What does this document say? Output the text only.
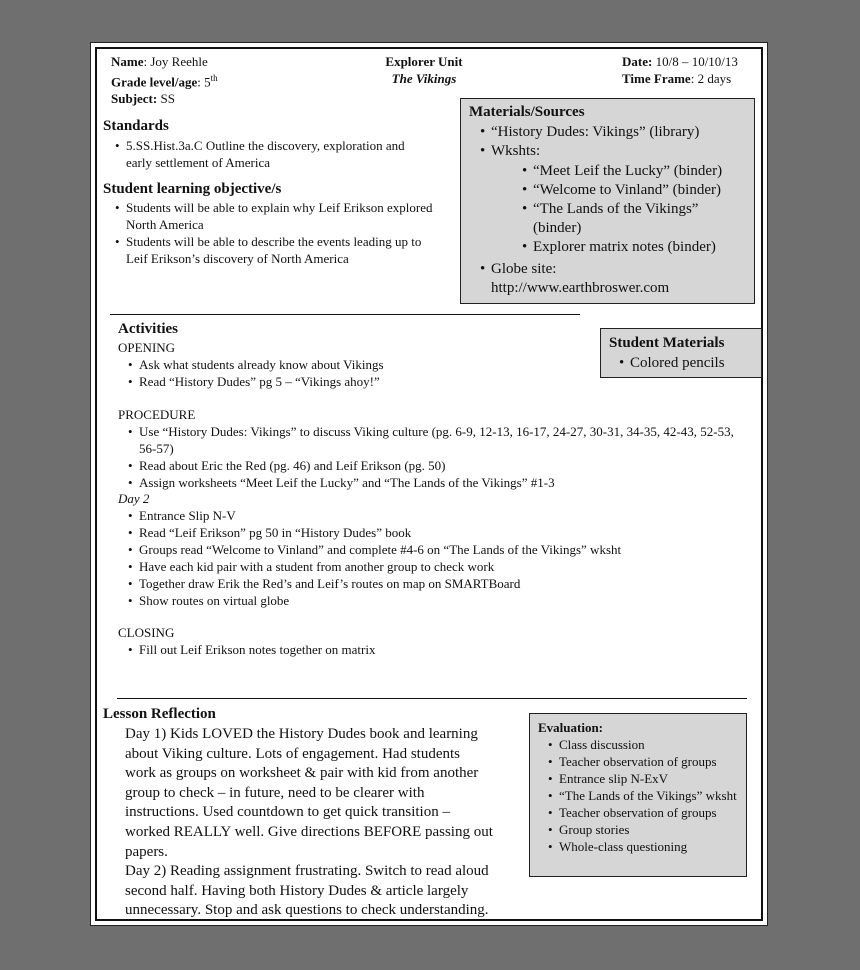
Name: Joy Reehle
Grade level/age: 5th
Subject: SS
Explorer Unit
The Vikings
Date: 10/8 – 10/10/13
Time Frame: 2 days
Standards
• 5.SS.Hist.3a.C Outline the discovery, exploration and early settlement of America
Student learning objective/s
• Students will be able to explain why Leif Erikson explored North America
• Students will be able to describe the events leading up to Leif Erikson’s discovery of North America
Materials/Sources
• “History Dudes: Vikings” (library)
• Wkshts:
• “Meet Leif the Lucky” (binder)
• “Welcome to Vinland” (binder)
• “The Lands of the Vikings” (binder)
• Explorer matrix notes (binder)
• Globe site:
http://www.earthbroswer.com
Student Materials
• Colored pencils
Activities
OPENING
• Ask what students already know about Vikings
• Read “History Dudes” pg 5 – “Vikings ahoy!”
PROCEDURE
• Use “History Dudes: Vikings” to discuss Viking culture (pg. 6-9, 12-13, 16-17, 24-27, 30-31, 34-35, 42-43, 52-53, 56-57)
• Read about Eric the Red (pg. 46) and Leif Erikson (pg. 50)
• Assign worksheets “Meet Leif the Lucky” and “The Lands of the Vikings” #1-3
Day 2
• Entrance Slip N-V
• Read “Leif Erikson” pg 50 in “History Dudes” book
• Groups read “Welcome to Vinland” and complete #4-6 on “The Lands of the Vikings” wksht
• Have each kid pair with a student from another group to check work
• Together draw Erik the Red’s and Leif’s routes on map on SMARTBoard
• Show routes on virtual globe
CLOSING
• Fill out Leif Erikson notes together on matrix
Lesson Reflection
Day 1) Kids LOVED the History Dudes book and learning
about Viking culture. Lots of engagement. Had students
work as groups on worksheet & pair with kid from another
group to check – in future, need to be clearer with
instructions. Used countdown to get quick transition –
worked REALLY well. Give directions BEFORE passing out
papers.
Day 2) Reading assignment frustrating. Switch to read aloud
second half. Having both History Dudes & article largely
unnecessary. Stop and ask questions to check understanding.
Evaluation:
• Class discussion
• Teacher observation of groups
• Entrance slip N-ExV
• “The Lands of the Vikings” wksht
• Teacher observation of groups
• Group stories
• Whole-class questioning
